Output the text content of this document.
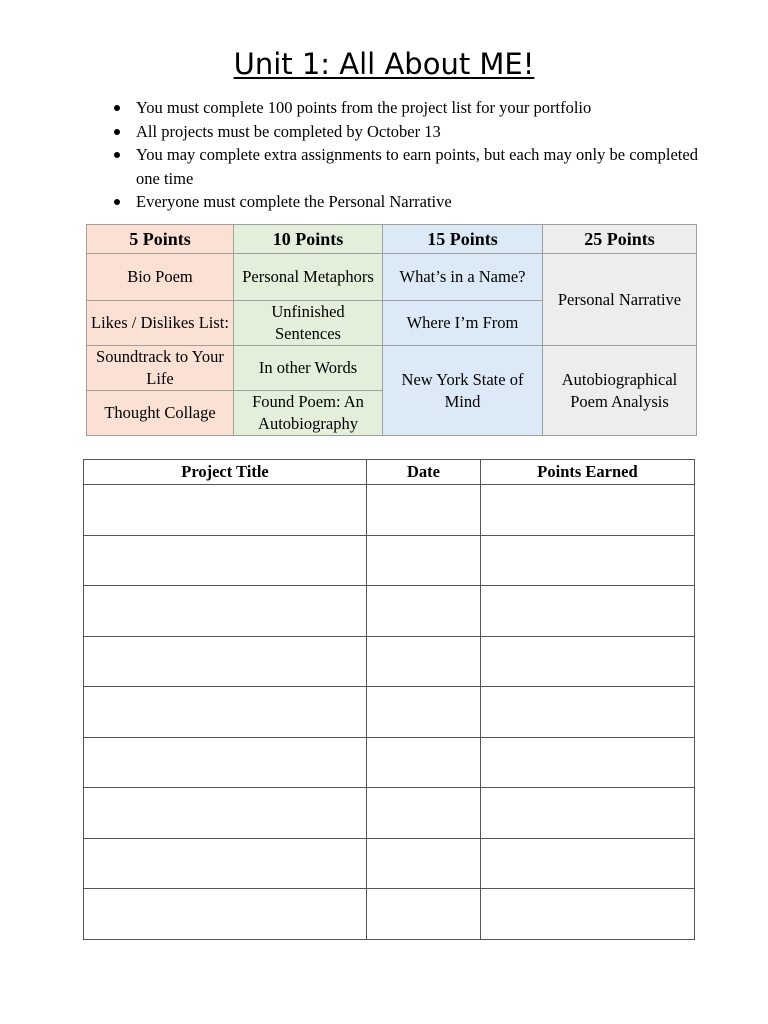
Unit 1: All About ME!
You must complete 100 points from the project list for your portfolio
All projects must be completed by October 13
You may complete extra assignments to earn points, but each may only be completed one time
Everyone must complete the Personal Narrative
5 Points	10 Points	15 Points	25 Points
Bio Poem	Personal Metaphors	What’s in a Name?	Personal Narrative
Likes / Dislikes List:	Unfinished Sentences	Where I’m From	
Soundtrack to Your Life	In other Words	New York State of Mind	Autobiographical Poem Analysis
Thought Collage	Found Poem: An Autobiography		
Project Title	Date	Points Earned
